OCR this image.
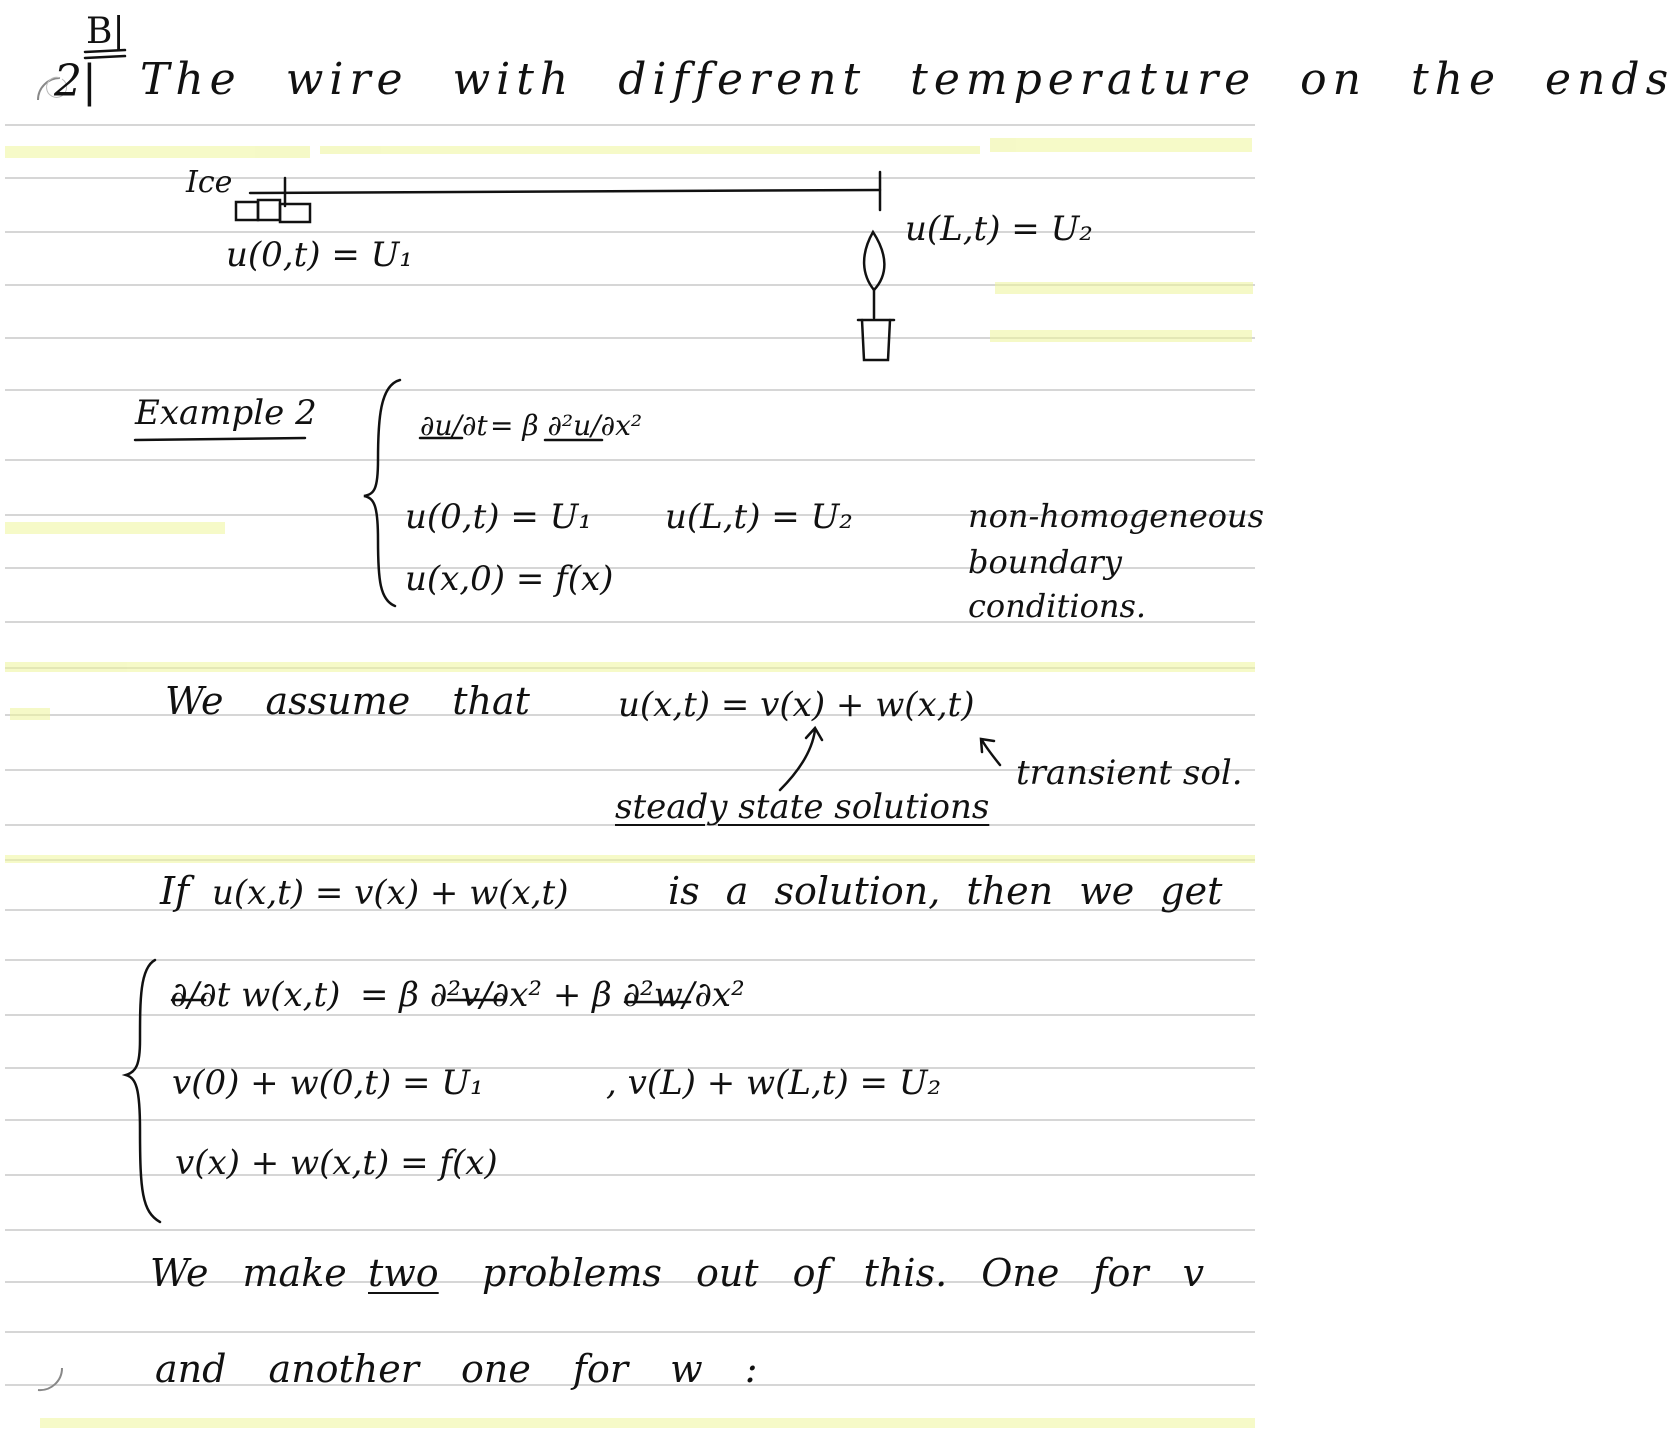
B|
2| The wire with different temperature on the ends
Ice
u(0,t) = U₁
u(L,t) = U₂
Example 2	∂u/∂t = β ∂²u/∂x²
u(0,t) = U₁ u(L,t) = U₂
u(x,0) = f(x)
non-homogeneous
boundary
conditions.
We assume that	u(x,t) = v(x) + w(x,t)
steady state solutions
transient sol.
If u(x,t) = v(x) + w(x,t)	is a solution, then we get
∂/∂t w(x,t) = β ∂²v/∂x² + β ∂²w/∂x²
v(0) + w(0,t) = U₁	, v(L) + w(L,t) = U₂
v(x) + w(x,t) = f(x)
We make two problems out of this. One for v
and another one for w :
